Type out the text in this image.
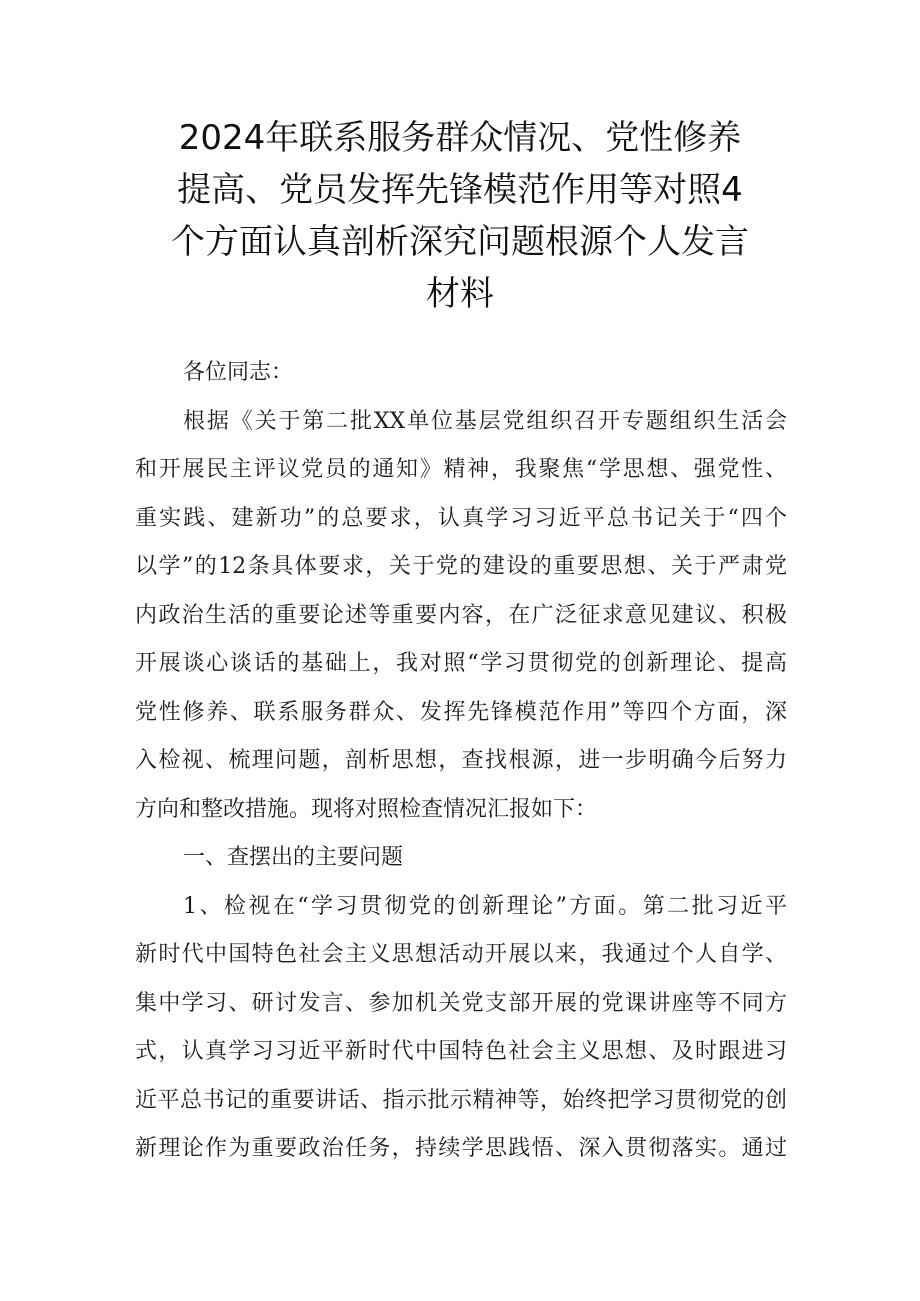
2024年联系服务群众情况、党性修养
提高、党员发挥先锋模范作用等对照4
个方面认真剖析深究问题根源个人发言
材料
各位同志：
根据《关于第二批XX单位基层党组织召开专题组织生活会
和开展民主评议党员的通知》精神，我聚焦“学思想、强党性、
重实践、建新功”的总要求，认真学习习近平总书记关于“四个
以学”的12条具体要求，关于党的建设的重要思想、关于严肃党
内政治生活的重要论述等重要内容，在广泛征求意见建议、积极
开展谈心谈话的基础上，我对照“学习贯彻党的创新理论、提高
党性修养、联系服务群众、发挥先锋模范作用”等四个方面，深
入检视、梳理问题，剖析思想，查找根源，进一步明确今后努力
方向和整改措施。现将对照检查情况汇报如下：
一、查摆出的主要问题
1、检视在“学习贯彻党的创新理论”方面。第二批习近平
新时代中国特色社会主义思想活动开展以来，我通过个人自学、
集中学习、研讨发言、参加机关党支部开展的党课讲座等不同方
式，认真学习习近平新时代中国特色社会主义思想、及时跟进习
近平总书记的重要讲话、指示批示精神等，始终把学习贯彻党的创
新理论作为重要政治任务，持续学思践悟、深入贯彻落实。通过
